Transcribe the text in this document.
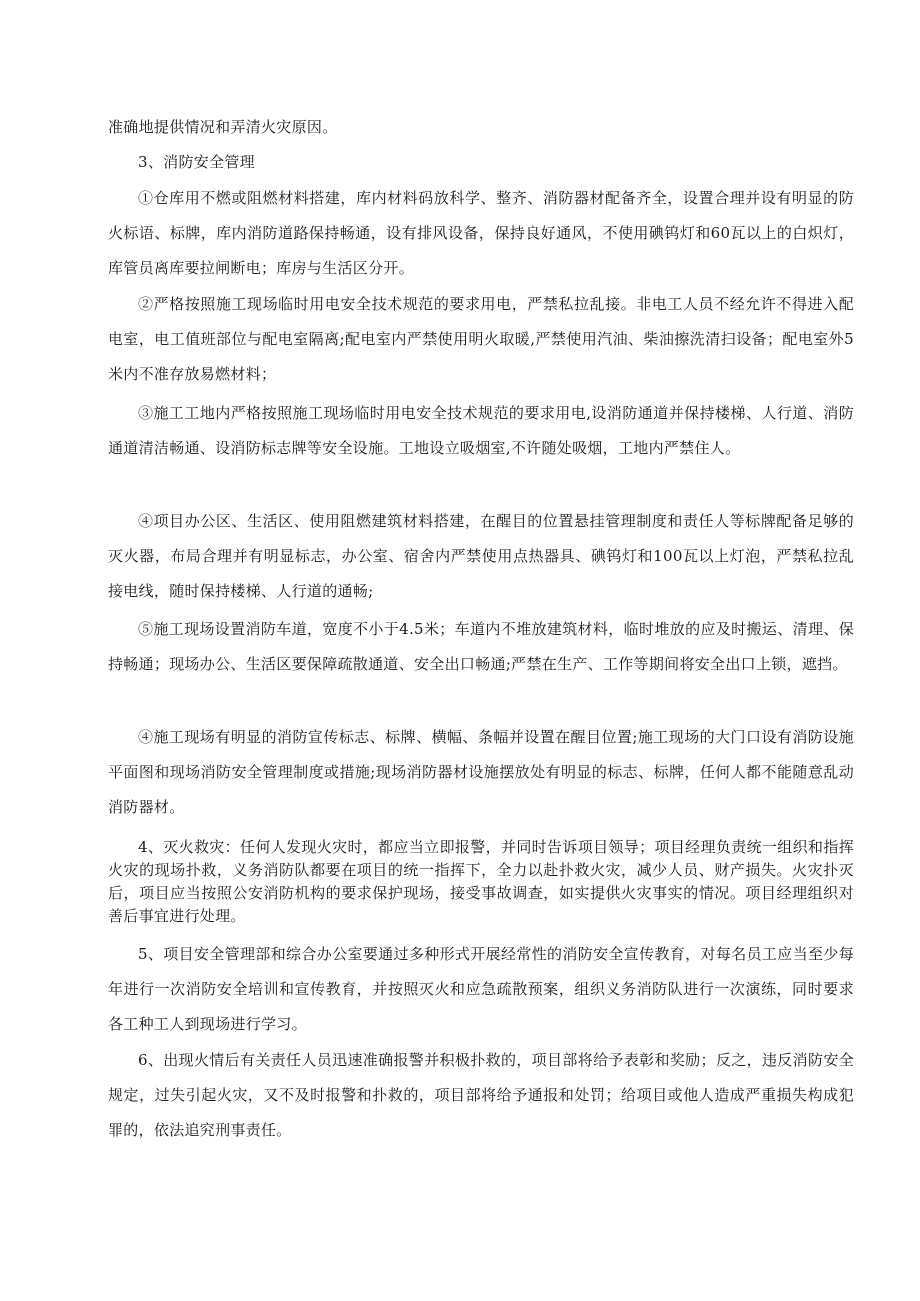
准确地提供情况和弄清火灾原因。

3、消防安全管理

①仓库用不燃或阻燃材料搭建，库内材料码放科学、整齐、消防器材配备齐全，设置合理并设有明显的防火标语、标牌，库内消防道路保持畅通，设有排风设备，保持良好通风，不使用碘钨灯和60瓦以上的白炽灯，库管员离库要拉闸断电；库房与生活区分开。

②严格按照施工现场临时用电安全技术规范的要求用电，严禁私拉乱接。非电工人员不经允许不得进入配电室，电工值班部位与配电室隔离;配电室内严禁使用明火取暖,严禁使用汽油、柴油擦洗清扫设备；配电室外5米内不准存放易燃材料；

③施工工地内严格按照施工现场临时用电安全技术规范的要求用电,设消防通道并保持楼梯、人行道、消防通道清洁畅通、设消防标志牌等安全设施。工地设立吸烟室,不许随处吸烟，工地内严禁住人。

④项目办公区、生活区、使用阻燃建筑材料搭建，在醒目的位置悬挂管理制度和责任人等标牌配备足够的灭火器，布局合理并有明显标志，办公室、宿舍内严禁使用点热器具、碘钨灯和100瓦以上灯泡，严禁私拉乱接电线，随时保持楼梯、人行道的通畅;

⑤施工现场设置消防车道，宽度不小于4.5米；车道内不堆放建筑材料，临时堆放的应及时搬运、清理、保持畅通；现场办公、生活区要保障疏散通道、安全出口畅通;严禁在生产、工作等期间将安全出口上锁，遮挡。

④施工现场有明显的消防宣传标志、标牌、横幅、条幅并设置在醒目位置;施工现场的大门口设有消防设施平面图和现场消防安全管理制度或措施;现场消防器材设施摆放处有明显的标志、标牌，任何人都不能随意乱动消防器材。

4、灭火救灾：任何人发现火灾时，都应当立即报警，并同时告诉项目领导；项目经理负责统一组织和指挥火灾的现场扑救，义务消防队都要在项目的统一指挥下，全力以赴扑救火灾，减少人员、财产损失。火灾扑灭后，项目应当按照公安消防机构的要求保护现场，接受事故调查，如实提供火灾事实的情况。项目经理组织对善后事宜进行处理。

5、项目安全管理部和综合办公室要通过多种形式开展经常性的消防安全宣传教育，对每名员工应当至少每年进行一次消防安全培训和宣传教育，并按照灭火和应急疏散预案，组织义务消防队进行一次演练，同时要求各工种工人到现场进行学习。

6、出现火情后有关责任人员迅速准确报警并积极扑救的，项目部将给予表彰和奖励；反之，违反消防安全规定，过失引起火灾，又不及时报警和扑救的，项目部将给予通报和处罚；给项目或他人造成严重损失构成犯罪的，依法追究刑事责任。
